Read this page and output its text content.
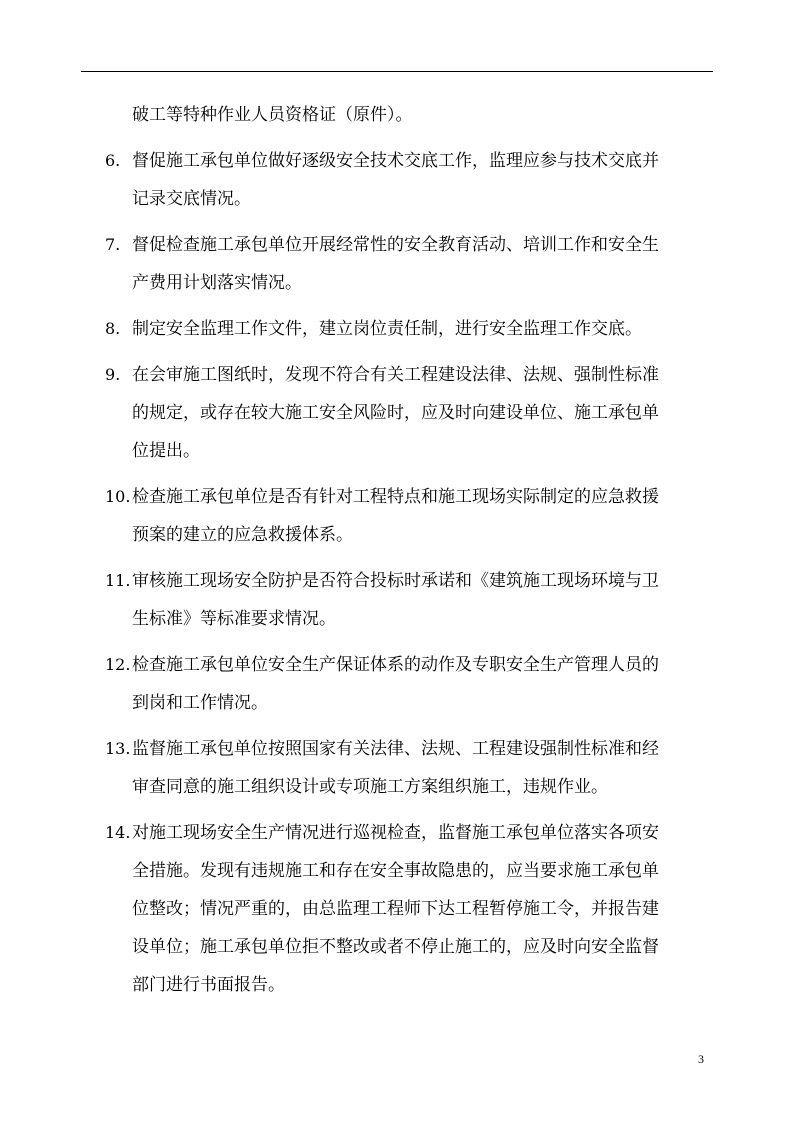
破工等特种作业人员资格证（原件）。
6. 督促施工承包单位做好逐级安全技术交底工作，监理应参与技术交底并
记录交底情况。
7. 督促检查施工承包单位开展经常性的安全教育活动、培训工作和安全生
产费用计划落实情况。
8. 制定安全监理工作文件，建立岗位责任制，进行安全监理工作交底。
9. 在会审施工图纸时，发现不符合有关工程建设法律、法规、强制性标准
的规定，或存在较大施工安全风险时，应及时向建设单位、施工承包单
位提出。
10. 检查施工承包单位是否有针对工程特点和施工现场实际制定的应急救援
预案的建立的应急救援体系。
11. 审核施工现场安全防护是否符合投标时承诺和《建筑施工现场环境与卫
生标准》等标准要求情况。
12. 检查施工承包单位安全生产保证体系的动作及专职安全生产管理人员的
到岗和工作情况。
13. 监督施工承包单位按照国家有关法律、法规、工程建设强制性标准和经
审查同意的施工组织设计或专项施工方案组织施工，违规作业。
14. 对施工现场安全生产情况进行巡视检查，监督施工承包单位落实各项安
全措施。发现有违规施工和存在安全事故隐患的，应当要求施工承包单
位整改；情况严重的，由总监理工程师下达工程暂停施工令，并报告建
设单位；施工承包单位拒不整改或者不停止施工的，应及时向安全监督
部门进行书面报告。
3
